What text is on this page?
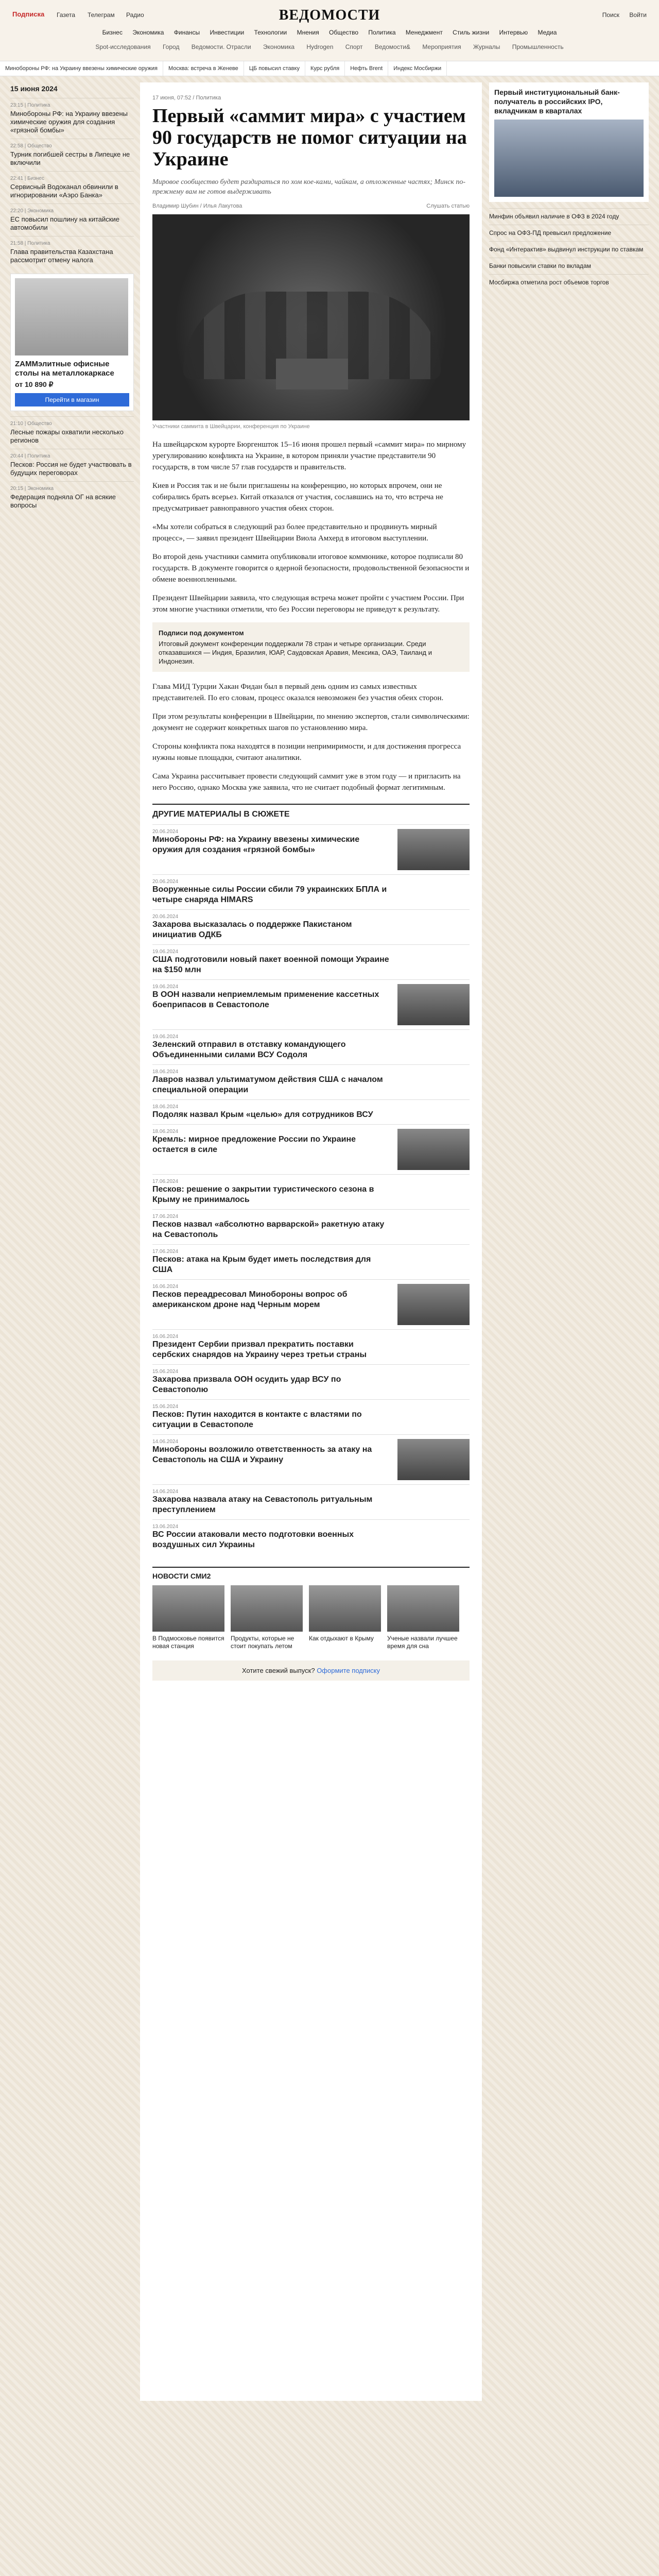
Подписка Газета Телеграм Радио	ВЕДОМОСТИ	Поиск Войти
Бизнес Экономика Финансы Инвестиции Технологии Мнения Общество Политика Менеджмент Стиль жизни Интервью Медиа
Spot-исследования Город Ведомости. Отрасли Экономика Hydrogen Спорт Ведомости& Мероприятия Журналы Промышленность
Минобороны РФ: на Украину ввезены химические оружия Москва: встреча в Женеве ЦБ повысил ставку Курс рубля Нефть Brent Индекс Мосбиржи
15 июня 2024
23:15 | Политика
Минобороны РФ: на Украину ввезены химические оружия для создания «грязной бомбы»
22:58 | Общество
Турник погибшей сестры в Липецке не включили
22:41 | Бизнес
Сервисный Водоканал обвинили в игнорировании «Аэро Банка»
22:20 | Экономика
ЕС повысил пошлину на китайские автомобили
21:58 | Политика
Глава правительства Казахстана рассмотрит отмену налога
ZAMMэлитные офисные столы на металлокаркасе
от 10 890 ₽
Перейти в магазин
21:10 | Общество
Лесные пожары охватили несколько регионов
20:44 | Политика
Песков: Россия не будет участвовать в будущих переговорах
20:15 | Экономика
Федерация подняла ОГ на всякие вопросы
17 июня, 07:52 / Политика
Первый «саммит мира» с участием 90 государств не помог ситуации на Украине
Мировое сообщество будет раздираться по хом кое-ками, чайкам, а отложенные частях; Минск по-прежнему вам не готов выдерживать
Владимир Шубин / Илья Лакутова	Слушать статью
Участники саммита в Швейцарии, конференция по Украине

На швейцарском курорте Бюргеншток 15–16 июня прошел первый «саммит мира» по мирному урегулированию конфликта на Украине, в котором приняли участие представители 90 государств, в том числе 57 глав государств и правительств.

Киев и Россия так и не были приглашены на конференцию, но которых впрочем, они не собирались брать всерьез. Китай отказался от участия, сославшись на то, что встреча не предусматривает равноправного участия обеих сторон.

«Мы хотели собраться в следующий раз более представительно и продвинуть мирный процесс», — заявил президент Швейцарии Виола Амхерд в итоговом выступлении.

Во второй день участники саммита опубликовали итоговое коммюнике, которое подписали 80 государств. В документе говорится о ядерной безопасности, продовольственной безопасности и обмене военнопленными.

Президент Швейцарии заявила, что следующая встреча может пройти с участием России. При этом многие участники отметили, что без России переговоры не приведут к результату.

Подписи под документом
Итоговый документ конференции поддержали 78 стран и четыре организации. Среди отказавшихся — Индия, Бразилия, ЮАР, Саудовская Аравия, Мексика, ОАЭ, Таиланд и Индонезия.

Глава МИД Турции Хакан Фидан был в первый день одним из самых известных представителей. По его словам, процесс оказался невозможен без участия обеих сторон.

При этом результаты конференции в Швейцарии, по мнению экспертов, стали символическими: документ не содержит конкретных шагов по установлению мира.

Стороны конфликта пока находятся в позиции непримиримости, и для достижения прогресса нужны новые площадки, считают аналитики.

Сама Украина рассчитывает провести следующий саммит уже в этом году — и пригласить на него Россию, однако Москва уже заявила, что не считает подобный формат легитимным.

ДРУГИЕ МАТЕРИАЛЫ В СЮЖЕТЕ
20.06.2024
Минобороны РФ: на Украину ввезены химические оружия для создания «грязной бомбы»
20.06.2024
Вооруженные силы России сбили 79 украинских БПЛА и четыре снаряда HIMARS
20.06.2024
Захарова высказалась о поддержке Пакистаном инициатив ОДКБ
19.06.2024
США подготовили новый пакет военной помощи Украине на $150 млн
19.06.2024
В ООН назвали неприемлемым применение кассетных боеприпасов в Севастополе
19.06.2024
Зеленский отправил в отставку командующего Объединенными силами ВСУ Содоля
18.06.2024
Лавров назвал ультиматумом действия США с началом специальной операции
18.06.2024
Подоляк назвал Крым «целью» для сотрудников ВСУ
18.06.2024
Кремль: мирное предложение России по Украине остается в силе
17.06.2024
Песков: решение о закрытии туристического сезона в Крыму не принималось
17.06.2024
Песков назвал «абсолютно варварской» ракетную атаку на Севастополь
17.06.2024
Песков: атака на Крым будет иметь последствия для США
16.06.2024
Песков переадресовал Минобороны вопрос об американском дроне над Черным морем
16.06.2024
Президент Сербии призвал прекратить поставки сербских снарядов на Украину через третьи страны
15.06.2024
Захарова призвала ООН осудить удар ВСУ по Севастополю
15.06.2024
Песков: Путин находится в контакте с властями по ситуации в Севастополе
14.06.2024
Минобороны возложило ответственность за атаку на Севастополь на США и Украину
14.06.2024
Захарова назвала атаку на Севастополь ритуальным преступлением
13.06.2024
ВС России атаковали место подготовки военных воздушных сил Украины
НОВОСТИ СМИ2
В Подмосковье появится новая станция
Продукты, которые не стоит покупать летом
Как отдыхают в Крыму	Ученые назвали лучшее время для сна
Хотите свежий выпуск? Оформите подписку
Первый институциональный банк-получатель в российских IPO, вкладчикам в кварталах
Минфин объявил наличие в ОФЗ в 2024 году
Спрос на ОФЗ-ПД превысил предложение
Фонд «Интерактив» выдвинул инструкции по ставкам
Банки повысили ставки по вкладам
Мосбиржа отметила рост объемов торгов
